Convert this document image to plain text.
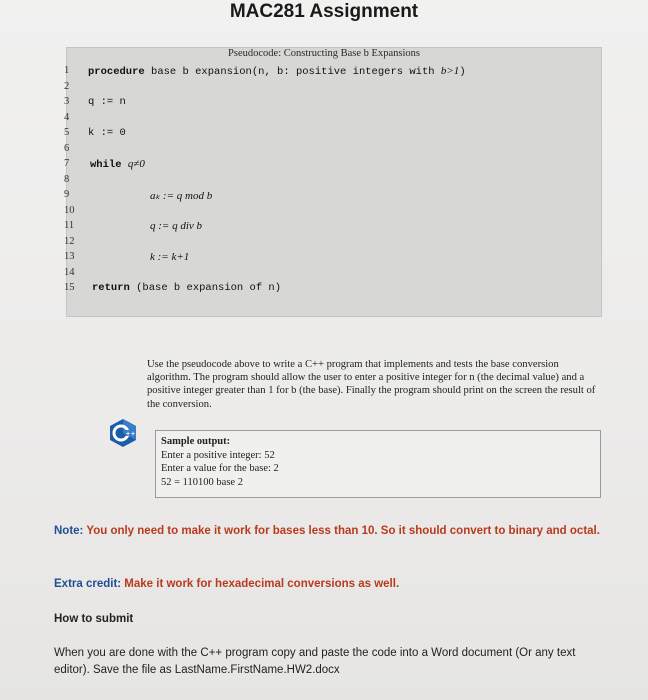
MAC281 Assignment
Pseudocode: Constructing Base b Expansions
1
2
3
4
5
6
7
8
9
10
11
12
13
14
15
procedure base b expansion(n, b: positive integers with b>1)
q := n
k := 0
while q≠0
aₖ := q mod b
q := q div b
k := k+1
return (base b expansion of n)
Use the pseudocode above to write a C++ program that implements and tests the base conversion algorithm. The program should allow the user to enter a positive integer for n (the decimal value) and a positive integer greater than 1 for b (the base). Finally the program should print on the screen the result of the conversion.
++
Sample output:
Enter a positive integer: 52
Enter a value for the base: 2
52 = 110100 base 2
Note: You only need to make it work for bases less than 10. So it should convert to binary and octal.
Extra credit: Make it work for hexadecimal conversions as well.
How to submit
When you are done with the C++ program copy and paste the code into a Word document (Or any text editor). Save the file as LastName.FirstName.HW2.docx
